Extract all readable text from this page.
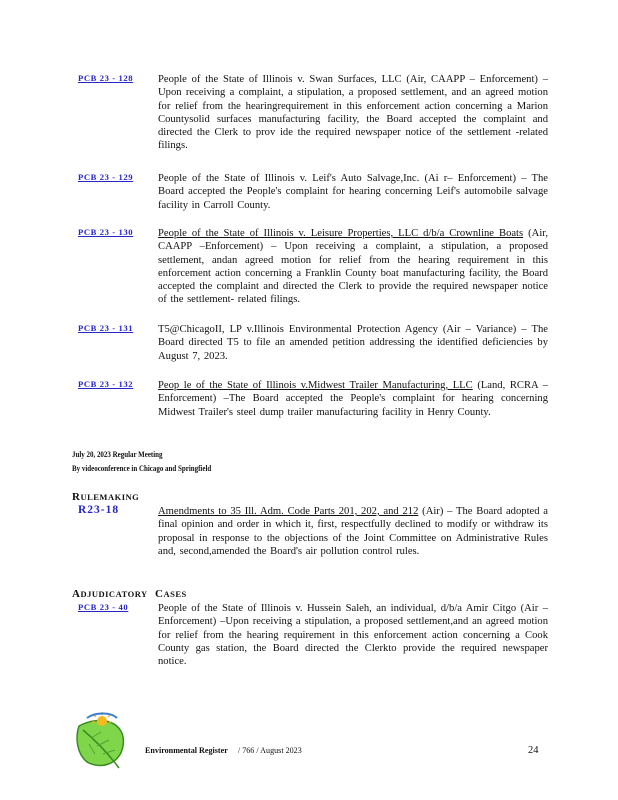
PCB 23 - 128	People of the State of Illinois v. Swan Surfaces, LLC (Air, CAAPP – Enforcement) – Upon receiving a complaint, a stipulation, a proposed settlement, and an agreed motion for relief from the hearingrequirement in this enforcement action concerning a Marion Countysolid surfaces manufacturing facility, the Board accepted the complaint and directed the Clerk to prov ide the required newspaper notice of the settlement -related filings.
PCB 23 - 129	People of the State of Illinois v. Leif's Auto Salvage,Inc. (Ai r– Enforcement) – The Board accepted the People's complaint for hearing concerning Leif's automobile salvage facility in Carroll County.
PCB 23 - 130	People of the State of Illinois v. Leisure Properties, LLC d/b/a Crownline Boats (Air, CAAPP –Enforcement) – Upon receiving a complaint, a stipulation, a proposed settlement, andan agreed motion for relief from the hearing requirement in this enforcement action concerning a Franklin County boat manufacturing facility, the Board accepted the complaint and directed the Clerk to provide the required newspaper notice of the settlement- related filings.
PCB 23 - 131	T5@ChicagoII, LP v.Illinois Environmental Protection Agency (Air – Variance) – The Board directed T5 to file an amended petition addressing the identified deficiencies by August 7, 2023.
PCB 23 - 132	Peop le of the State of Illinois v.Midwest Trailer Manufacturing, LLC (Land, RCRA –Enforcement) –The Board accepted the People's complaint for hearing concerning Midwest Trailer's steel dump trailer manufacturing facility in Henry County.
July 20, 2023 Regular Meeting
By videoconference in Chicago and Springfield
RULEMAKING
R23-18	Amendments to 35 Ill. Adm. Code Parts 201, 202, and 212 (Air) – The Board adopted a final opinion and order in which it, first, respectfully declined to modify or withdraw its proposal in response to the objections of the Joint Committee on Administrative Rules and, second,amended the Board's air pollution control rules.
ADJUDICATORY CASES
PCB 23 - 40	People of the State of Illinois v. Hussein Saleh, an individual, d/b/a Amir Citgo (Air –Enforcement) –Upon receiving a stipulation, a proposed settlement,and an agreed motion for relief from the hearing requirement in this enforcement action concerning a Cook County gas station, the Board directed the Clerkto provide the required newspaper notice.
Environmental Register / 766 / August 2023	24
